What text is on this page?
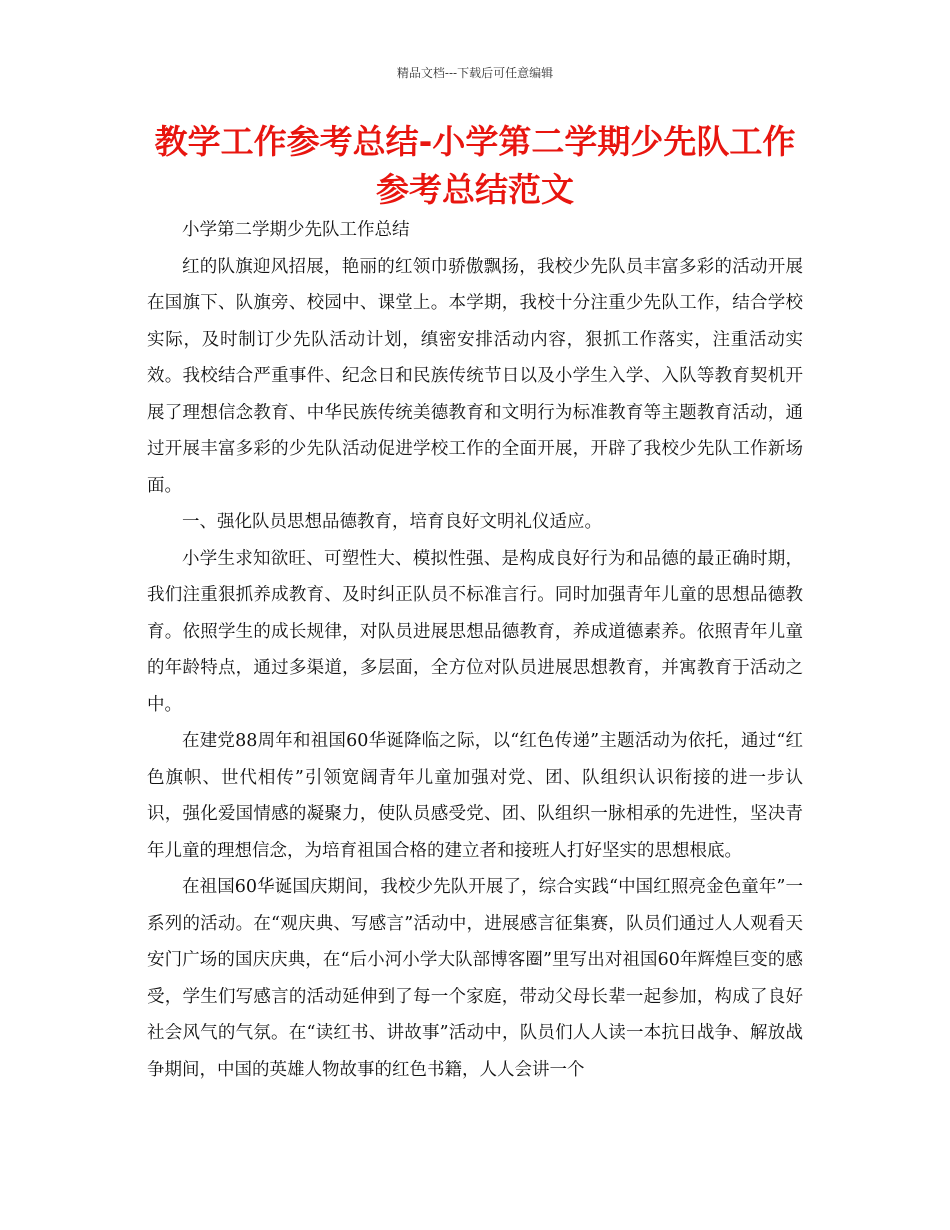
精品文档---下载后可任意编辑
教学工作参考总结-小学第二学期少先队工作参考总结范文

小学第二学期少先队工作总结

红的队旗迎风招展，艳丽的红领巾骄傲飘扬，我校少先队员丰富多彩的活动开展在国旗下、队旗旁、校园中、课堂上。本学期，我校十分注重少先队工作，结合学校实际，及时制订少先队活动计划，缜密安排活动内容，狠抓工作落实，注重活动实效。我校结合严重事件、纪念日和民族传统节日以及小学生入学、入队等教育契机开展了理想信念教育、中华民族传统美德教育和文明行为标准教育等主题教育活动，通过开展丰富多彩的少先队活动促进学校工作的全面开展，开辟了我校少先队工作新场面。

一、强化队员思想品德教育，培育良好文明礼仪适应。

小学生求知欲旺、可塑性大、模拟性强、是构成良好行为和品德的最正确时期，我们注重狠抓养成教育、及时纠正队员不标准言行。同时加强青年儿童的思想品德教育。依照学生的成长规律，对队员进展思想品德教育，养成道德素养。依照青年儿童的年龄特点，通过多渠道，多层面，全方位对队员进展思想教育，并寓教育于活动之中。

在建党88周年和祖国60华诞降临之际，以“红色传递”主题活动为依托，通过“红色旗帜、世代相传”引领宽阔青年儿童加强对党、团、队组织认识衔接的进一步认识，强化爱国情感的凝聚力，使队员感受党、团、队组织一脉相承的先进性，坚决青年儿童的理想信念，为培育祖国合格的建立者和接班人打好坚实的思想根底。

在祖国60华诞国庆期间，我校少先队开展了，综合实践“中国红照亮金色童年”一系列的活动。在“观庆典、写感言”活动中，进展感言征集赛，队员们通过人人观看天安门广场的国庆庆典，在“后小河小学大队部博客圈”里写出对祖国60年辉煌巨变的感受，学生们写感言的活动延伸到了每一个家庭，带动父母长辈一起参加，构成了良好社会风气的气氛。在“读红书、讲故事”活动中，队员们人人读一本抗日战争、解放战争期间，中国的英雄人物故事的红色书籍，人人会讲一个
